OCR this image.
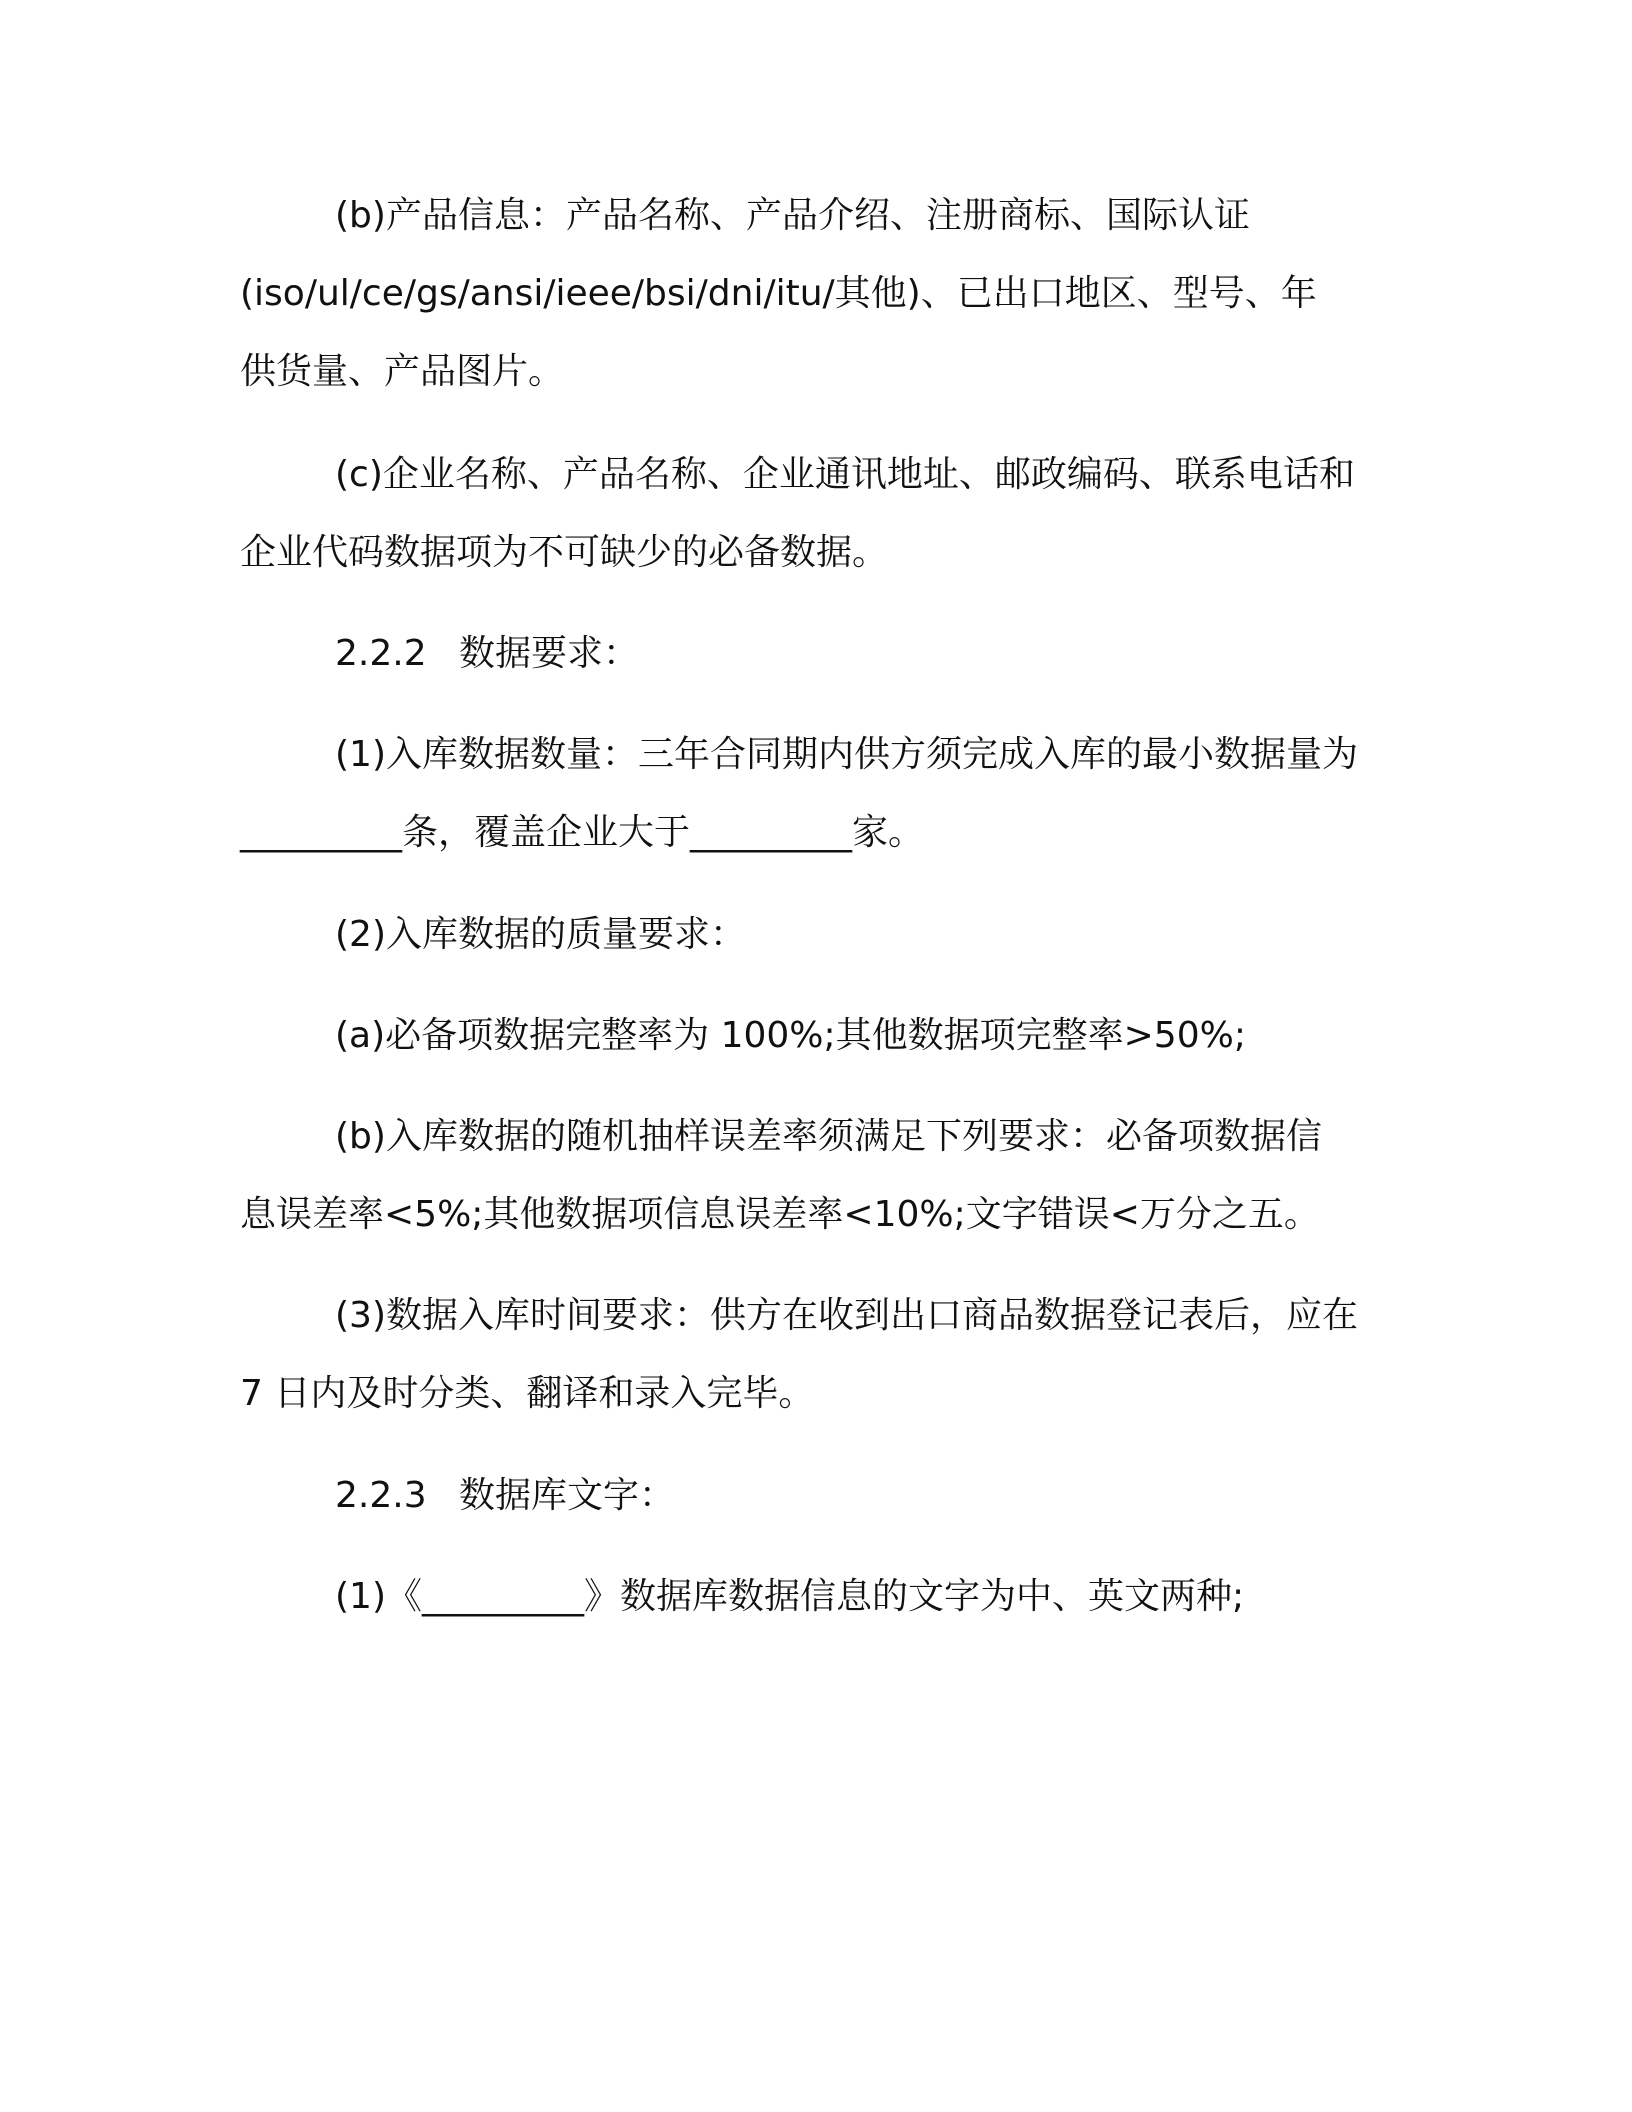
(b)产品信息：产品名称、产品介绍、注册商标、国际认证
(iso/ul/ce/gs/ansi/ieee/bsi/dni/itu/其他)、已出口地区、型号、年
供货量、产品图片。
(c)企业名称、产品名称、企业通讯地址、邮政编码、联系电话和
企业代码数据项为不可缺少的必备数据。
2.2.2 数据要求：
(1)入库数据数量：三年合同期内供方须完成入库的最小数据量为
_________条，覆盖企业大于_________家。
(2)入库数据的质量要求：
(a)必备项数据完整率为 100%;其他数据项完整率>50%;
(b)入库数据的随机抽样误差率须满足下列要求：必备项数据信
息误差率<5%;其他数据项信息误差率<10%;文字错误<万分之五。
(3)数据入库时间要求：供方在收到出口商品数据登记表后，应在
7 日内及时分类、翻译和录入完毕。
2.2.3 数据库文字：
(1)《_________》数据库数据信息的文字为中、英文两种;
